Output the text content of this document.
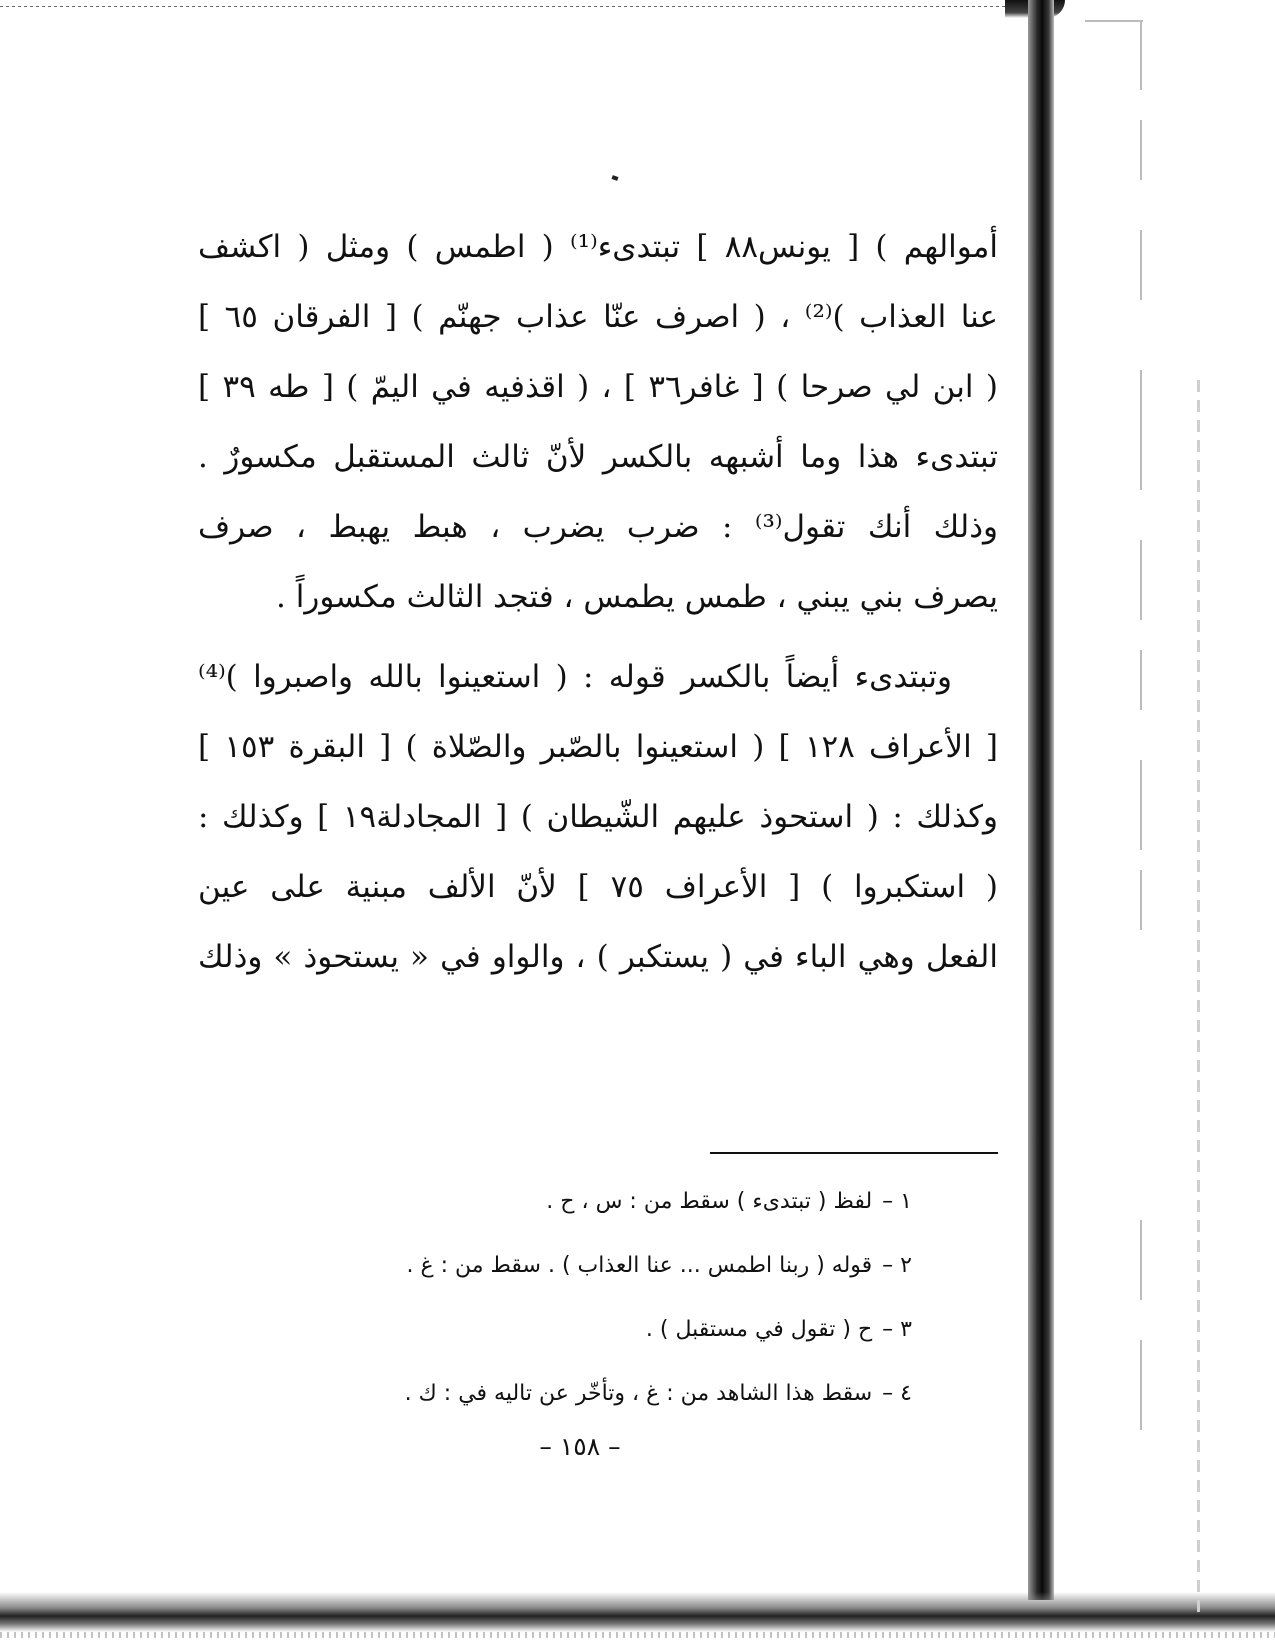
أموالهم ) [ يونس٨٨ ] تبتدىء⁽¹⁾ ( اطمس ) ومثل ( اكشف
عنا العذاب )⁽²⁾ ، ( اصرف عنّا عذاب جهنّم ) [ الفرقان ٦٥ ]
( ابن لي صرحا ) [ غافر٣٦ ] ، ( اقذفيه في اليمّ ) [ طه ٣٩ ]
تبتدىء هذا وما أشبهه بالكسر لأنّ ثالث المستقبل مكسورٌ .
وذلك أنك تقول⁽³⁾ : ضرب يضرب ، هبط يهبط ، صرف
يصرف بني يبني ، طمس يطمس ، فتجد الثالث مكسوراً .
وتبتدىء أيضاً بالكسر قوله : ( استعينوا بالله واصبروا )⁽⁴⁾
[ الأعراف ١٢٨ ] ( استعينوا بالصّبر والصّلاة ) [ البقرة ١٥٣ ]
وكذلك : ( استحوذ عليهم الشّيطان ) [ المجادلة١٩ ] وكذلك :
( استكبروا ) [ الأعراف ٧٥ ] لأنّ الألف مبنية على عين
الفعل وهي الباء في ( يستكبر ) ، والواو في « يستحوذ » وذلك
١ –لفظ ( تبتدىء ) سقط من : س ، ح .
٢ –قوله ( ربنا اطمس ... عنا العذاب ) . سقط من : غ .
٣ –ح ( تقول في مستقبل ) .
٤ –سقط هذا الشاهد من : غ ، وتأخّر عن تاليه في : ك .
– ١٥٨ –
